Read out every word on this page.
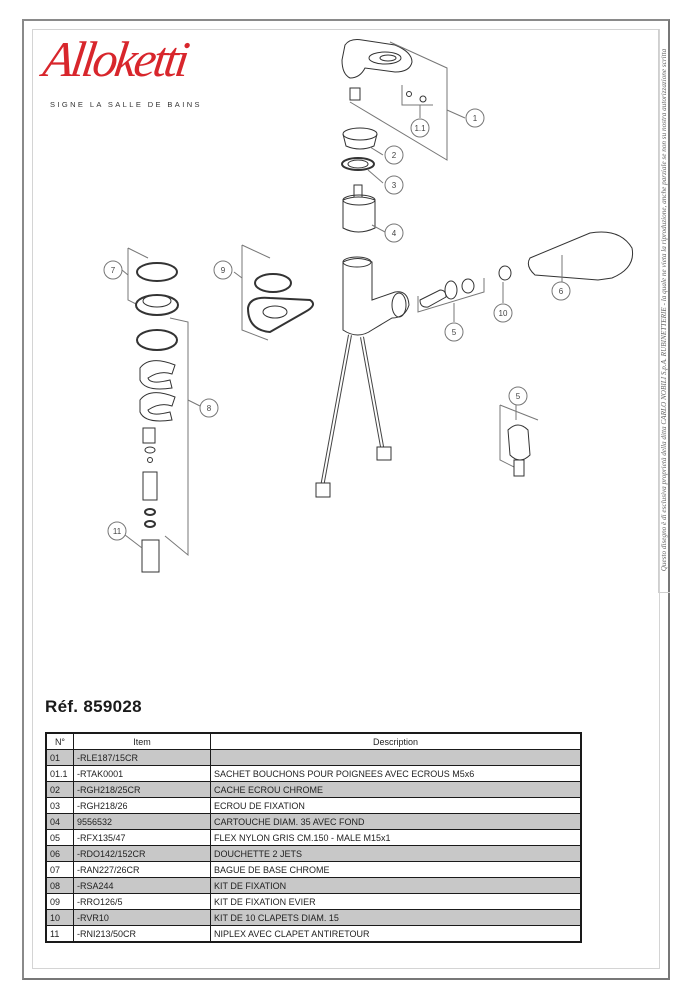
Questo disegno è di esclusiva proprietà della ditta CARLO NOBILI S.p.A. RUBINETTERIE - la quale ne vieta la riproduzione, anche parziale se non su nostra autorizzazione scritta
Alloketti
SIGNE LA SALLE DE BAINS
1
1.1
2
3
4
5
10
6
7
8
9
5
11
Réf. 859028
N°	Item	Description
01	-RLE187/15CR	
01.1	-RTAK0001	SACHET BOUCHONS POUR POIGNEES AVEC ECROUS M5x6
02	-RGH218/25CR	CACHE ECROU CHROME
03	-RGH218/26	ECROU DE FIXATION
04	9556532	CARTOUCHE DIAM. 35 AVEC FOND
05	-RFX135/47	FLEX NYLON GRIS CM.150 - MALE M15x1
06	-RDO142/152CR	DOUCHETTE 2 JETS
07	-RAN227/26CR	BAGUE DE BASE CHROME
08	-RSA244	KIT DE FIXATION
09	-RRO126/5	KIT DE FIXATION EVIER
10	-RVR10	KIT DE 10 CLAPETS DIAM. 15
11	-RNI213/50CR	NIPLEX AVEC CLAPET ANTIRETOUR
